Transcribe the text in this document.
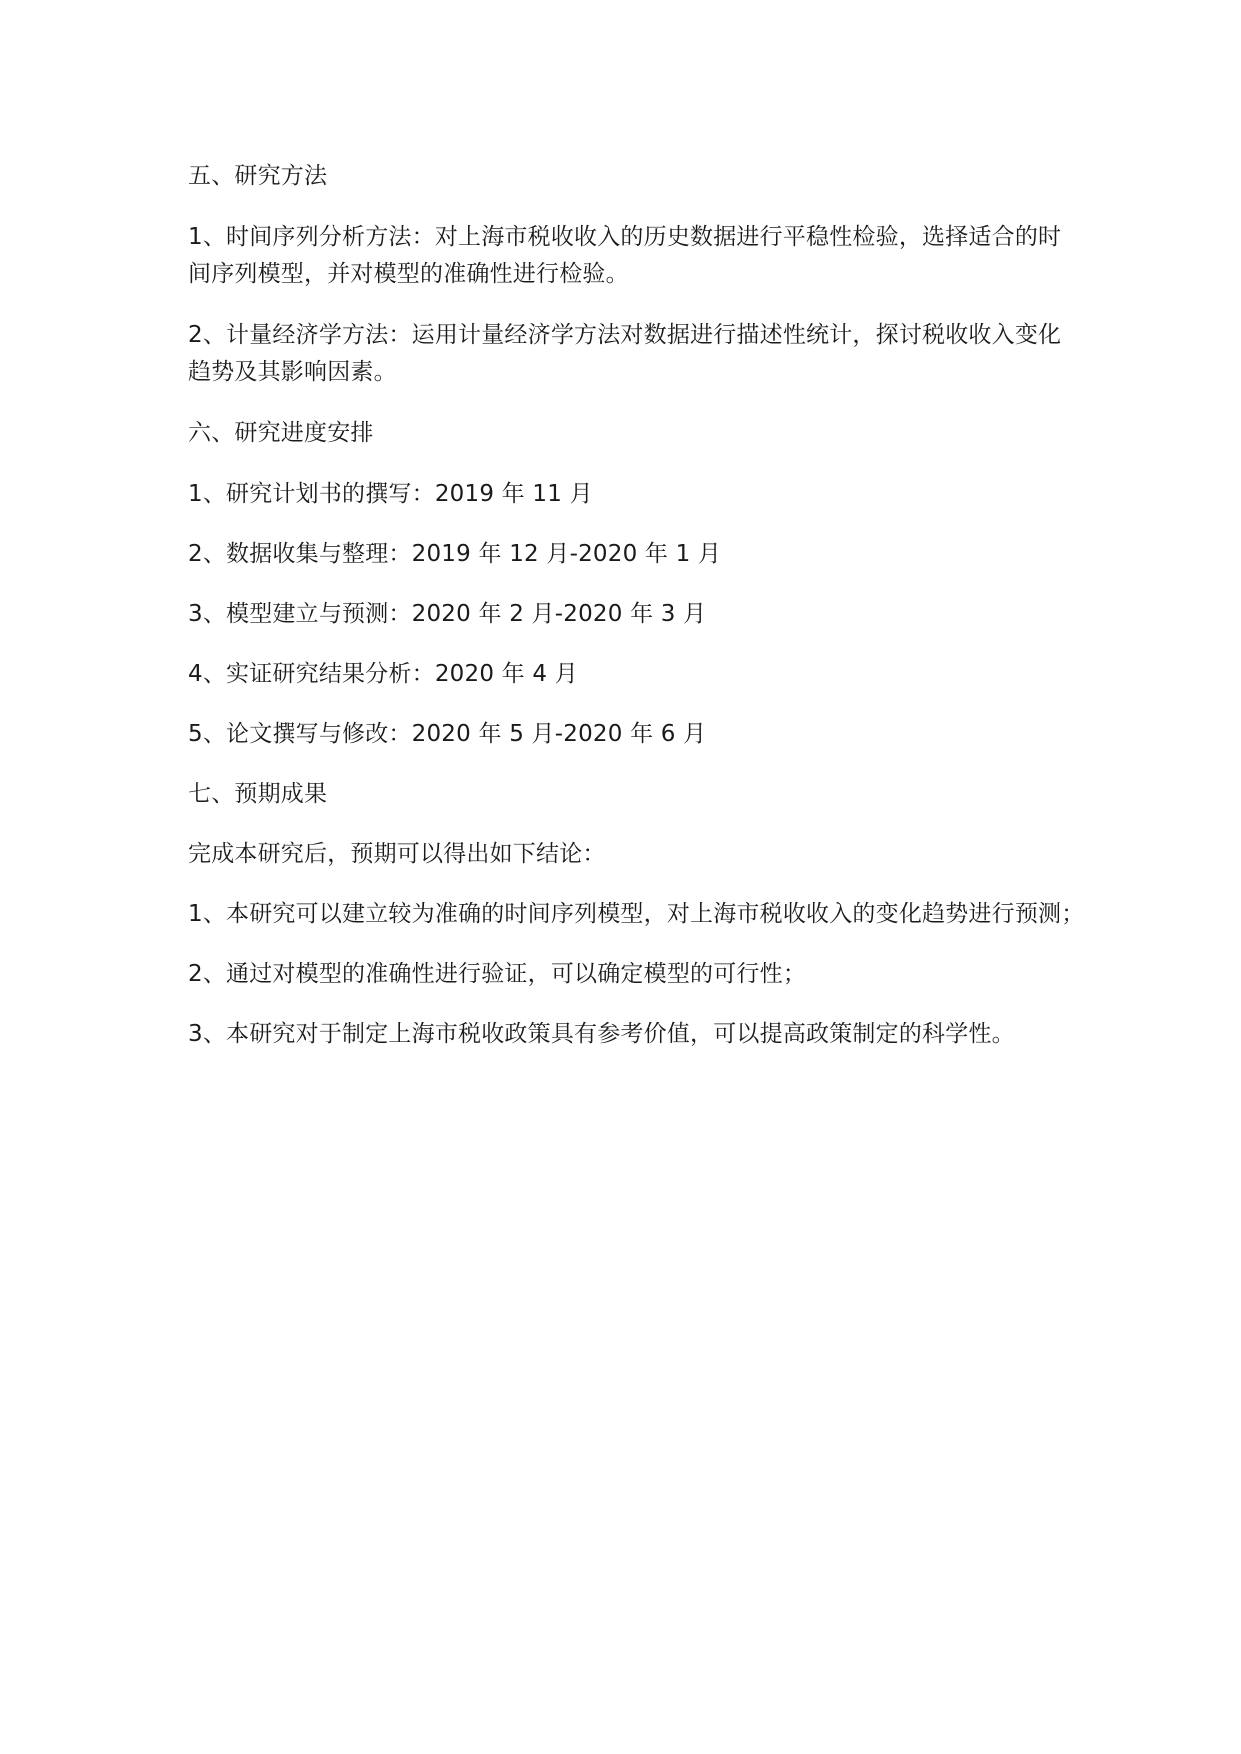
五、研究方法

1、时间序列分析方法：对上海市税收收入的历史数据进行平稳性检验，选择适合的时

间序列模型，并对模型的准确性进行检验。

2、计量经济学方法：运用计量经济学方法对数据进行描述性统计，探讨税收收入变化

趋势及其影响因素。

六、研究进度安排

1、研究计划书的撰写：2019 年 11 月

2、数据收集与整理：2019 年 12 月-2020 年 1 月

3、模型建立与预测：2020 年 2 月-2020 年 3 月

4、实证研究结果分析：2020 年 4 月

5、论文撰写与修改：2020 年 5 月-2020 年 6 月

七、预期成果

完成本研究后，预期可以得出如下结论：

1、本研究可以建立较为准确的时间序列模型，对上海市税收收入的变化趋势进行预测；

2、通过对模型的准确性进行验证，可以确定模型的可行性；

3、本研究对于制定上海市税收政策具有参考价值，可以提高政策制定的科学性。
